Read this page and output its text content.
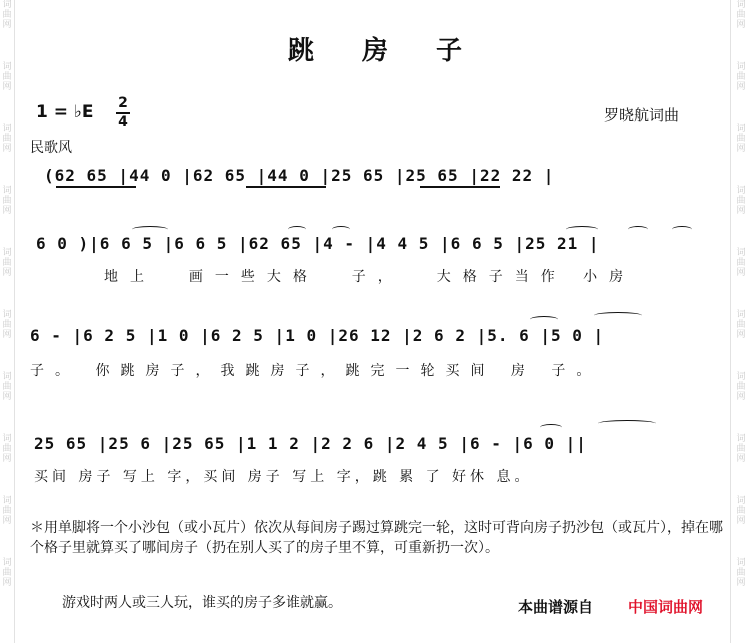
词
曲
网
词
曲
网
词
曲
网
词
曲
网
词
曲
网
词
曲
网
词
曲
网
词
曲
网
词
曲
网
词
曲
网
词
曲
网
词
曲
网
词
曲
网
词
曲
网
词
曲
网
词
曲
网
词
曲
网
词
曲
网
词
曲
网
词
曲
网
跳房子
1 = ♭E 2
4	罗晓航词曲
民歌风
(62 65 |44 0 |62 65 |44 0 |25 65 |25 65 |22 22 |
6 0 )|6 6 5 |6 6 5 |62 65 |4 - |4 4 5 |6 6 5 |25 21 |
地上  画一些大格  子，  大格子当作 小房
6 - |6 2 5 |1 0 |6 2 5 |1 0 |26 12 |2 6 2 |5. 6 |5 0 |
子。 你跳房子，我跳房子，跳完一轮买间 房 子。
25 65 |25 6 |25 65 |1 1 2 |2 2 6 |2 4 5 |6 - |6 0 ||
买间 房子 写上 字，买间 房子 写上 字，跳 累 了 好休 息。
＊用单脚将一个小沙包（或小瓦片）依次从每间房子踢过算跳完一轮，这时可背向房子扔沙包（或瓦片），掉在哪个格子里就算买了哪间房子（扔在别人买了的房子里不算，可重新扔一次）。
游戏时两人或三人玩，谁买的房子多谁就赢。	本曲谱源自 中国词曲网
